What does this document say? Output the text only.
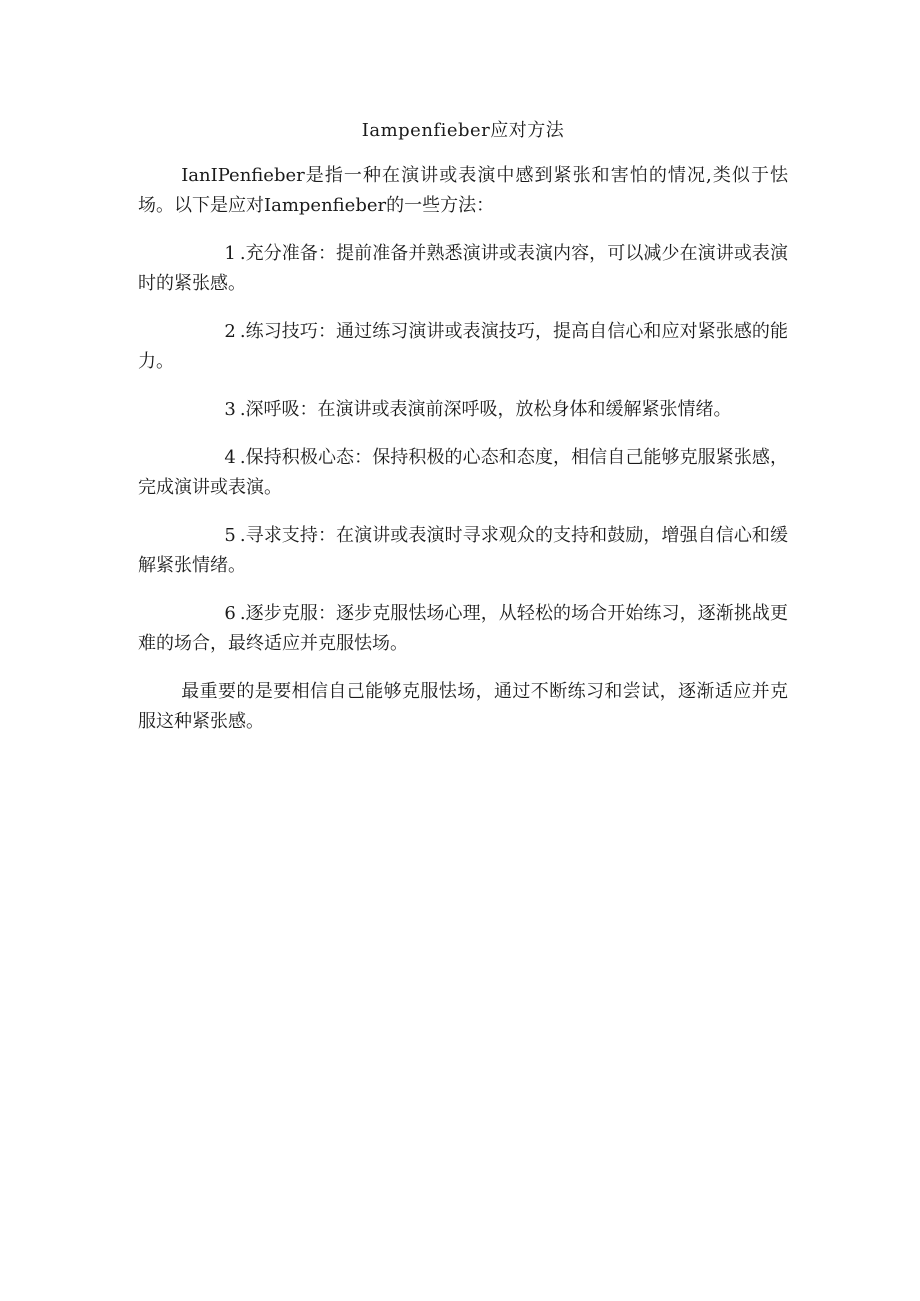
Iampenfieber应对方法

IanIPenfieber是指一种在演讲或表演中感到紧张和害怕的情况,类似于怯场。以下是应对Iampenfieber的一些方法：

1 .充分准备：提前准备并熟悉演讲或表演内容，可以减少在演讲或表演时的紧张感。

2 .练习技巧：通过练习演讲或表演技巧，提高自信心和应对紧张感的能力。

3 .深呼吸：在演讲或表演前深呼吸，放松身体和缓解紧张情绪。

4 .保持积极心态：保持积极的心态和态度，相信自己能够克服紧张感，完成演讲或表演。

5 .寻求支持：在演讲或表演时寻求观众的支持和鼓励，增强自信心和缓解紧张情绪。

6 .逐步克服：逐步克服怯场心理，从轻松的场合开始练习，逐渐挑战更难的场合，最终适应并克服怯场。

最重要的是要相信自己能够克服怯场，通过不断练习和尝试，逐渐适应并克服这种紧张感。
